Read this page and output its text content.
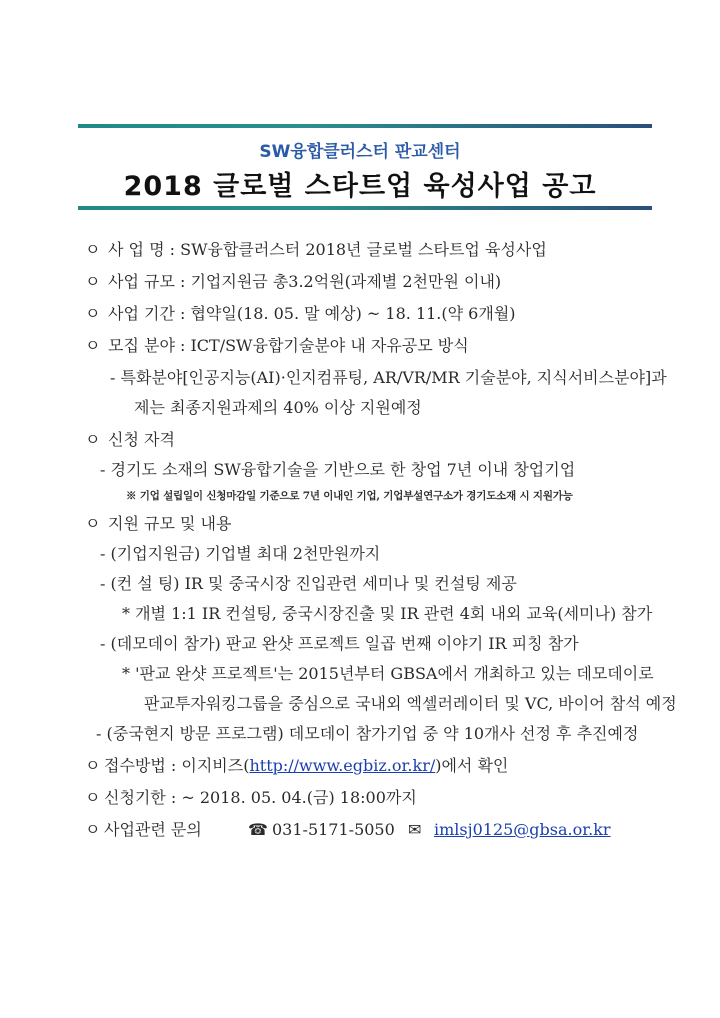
SW융합클러스터 판교센터
2018 글로벌 스타트업 육성사업 공고
ㅇ 사 업 명 : SW융합클러스터 2018년 글로벌 스타트업 육성사업
ㅇ 사업 규모 : 기업지원금 총3.2억원(과제별 2천만원 이내)
ㅇ 사업 기간 : 협약일(18. 05. 말 예상) ~ 18. 11.(약 6개월)
ㅇ 모집 분야 : ICT/SW융합기술분야 내 자유공모 방식
- 특화분야[인공지능(AI)·인지컴퓨팅, AR/VR/MR 기술분야, 지식서비스분야]과
제는 최종지원과제의 40% 이상 지원예정
ㅇ 신청 자격
- 경기도 소재의 SW융합기술을 기반으로 한 창업 7년 이내 창업기업
※ 기업 설립일이 신청마감일 기준으로 7년 이내인 기업, 기업부설연구소가 경기도소재 시 지원가능
ㅇ 지원 규모 및 내용
- (기업지원금) 기업별 최대 2천만원까지
- (컨 설 팅) IR 및 중국시장 진입관련 세미나 및 컨설팅 제공
* 개별 1:1 IR 컨설팅, 중국시장진출 및 IR 관련 4회 내외 교육(세미나) 참가
- (데모데이 참가) 판교 완샷 프로젝트 일곱 번째 이야기 IR 피칭 참가
* '판교 완샷 프로젝트'는 2015년부터 GBSA에서 개최하고 있는 데모데이로
판교투자워킹그룹을 중심으로 국내외 엑셀러레이터 및 VC, 바이어 참석 예정
- (중국현지 방문 프로그램) 데모데이 참가기업 중 약 10개사 선정 후 추진예정
ㅇ 접수방법 : 이지비즈(http://www.egbiz.or.kr/)에서 확인
ㅇ 신청기한 : ~ 2018. 05. 04.(금) 18:00까지
ㅇ 사업관련 문의	☎ 031-5171-5050 ✉ imlsj0125@gbsa.or.kr
